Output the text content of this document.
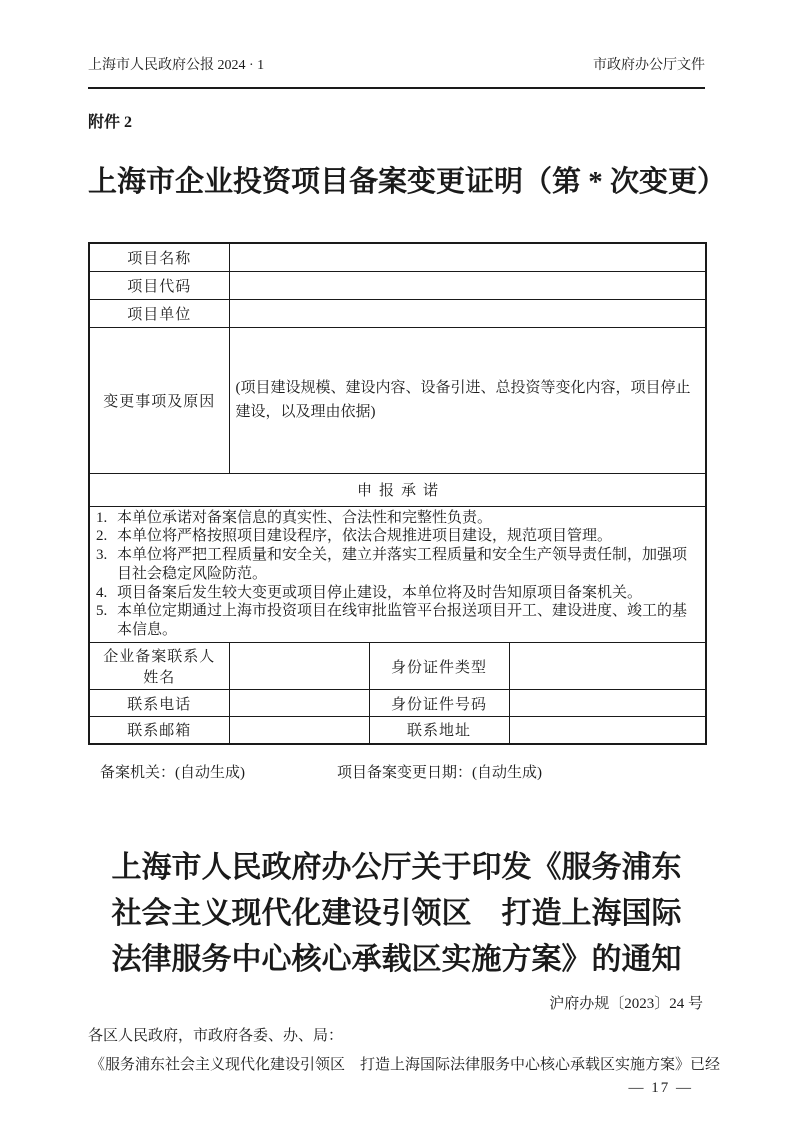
上海市人民政府公报 2024 · 1	市政府办公厅文件
附件 2
上海市企业投资项目备案变更证明（第 * 次变更）
项目名称			
项目代码			
项目单位			
变更事项及原因	(项目建设规模、建设内容、设备引进、总投资等变化内容，项目停止建设，以及理由依据)		
申报承诺			

1. 本单位承诺对备案信息的真实性、合法性和完整性负责。
2. 本单位将严格按照项目建设程序，依法合规推进项目建设，规范项目管理。
3. 本单位将严把工程质量和安全关，建立并落实工程质量和安全生产领导责任制，加强项目社会稳定风险防范。
4. 项目备案后发生较大变更或项目停止建设，本单位将及时告知原项目备案机关。
5. 本单位定期通过上海市投资项目在线审批监管平台报送项目开工、建设进度、竣工的基本信息。

企业备案联系人姓名		身份证件类型	
联系电话		身份证件号码	
联系邮箱		联系地址	
备案机关：(自动生成)	项目备案变更日期：(自动生成)
上海市人民政府办公厅关于印发《服务浦东
社会主义现代化建设引领区　打造上海国际
法律服务中心核心承载区实施方案》的通知
沪府办规〔2023〕24 号
各区人民政府，市政府各委、办、局：
《服务浦东社会主义现代化建设引领区　打造上海国际法律服务中心核心承载区实施方案》已经
— 17 —
